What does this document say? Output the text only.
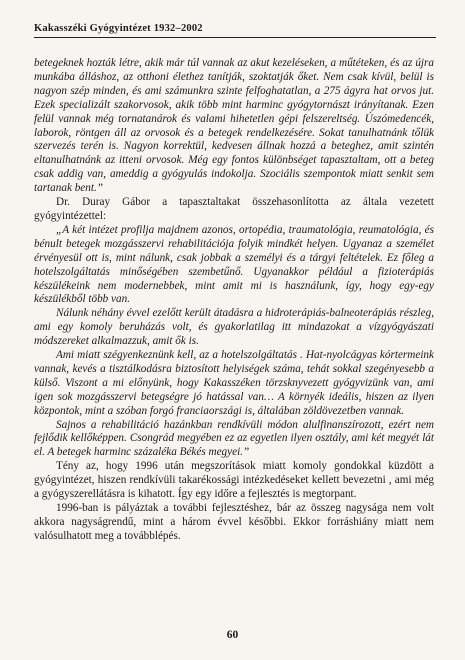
Kakasszéki Gyógyintézet 1932–2002

betegeknek hozták létre, akik már túl vannak az akut kezeléseken, a műtéteken, és az újra munkába álláshoz, az otthoni élethez tanítják, szoktatják őket. Nem csak kívül, belül is nagyon szép minden, és ami számunkra szinte felfoghatatlan, a 275 ágyra hat orvos jut. Ezek specializált szakorvosok, akik több mint harminc gyógytornászt irányítanak. Ezen felül vannak még tornatanárok és valami hihetetlen gépi felszereltség. Úszómedencék, laborok, röntgen áll az orvosok és a betegek rendelkezésére. Sokat tanulhatnánk tőlük szervezés terén is. Nagyon korrektül, kedvesen állnak hozzá a beteghez, amit szintén eltanulhatnánk az itteni orvosok. Még egy fontos különbséget tapasztaltam, ott a beteg csak addig van, ameddig a gyógyulás indokolja. Szociális szempontok miatt senkit sem tartanak bent.”

Dr. Duray Gábor a tapasztaltakat összehasonlította az általa vezetett gyógyintézettel:

„A két intézet profilja majdnem azonos, ortopédia, traumatológia, reumatológia, és bénult betegek mozgásszervi rehabilitációja folyik mindkét helyen. Ugyanaz a személet érvényesül ott is, mint nálunk, csak jobbak a személyi és a tárgyi feltételek. Ez főleg a hotelszolgáltatás minőségében szembetűnő. Ugyanakkor például a fizioterápiás készülékeink nem modernebbek, mint amit mi is használunk, így, hogy egy-egy készülékből több van.

Nálunk néhány évvel ezelőtt került átadásra a hidroterápiás-balneoterápiás részleg, ami egy komoly beruházás volt, és gyakorlatilag itt mindazokat a vízgyógyászati módszereket alkalmazzuk, amit ők is.

Ami miatt szégyenkeznünk kell, az a hotelszolgáltatás . Hat-nyolcágyas kórtermeink vannak, kevés a tisztálkodásra biztosított helyiségek száma, tehát sokkal szegényesebb a külső. Viszont a mi előnyünk, hogy Kakasszéken törzsknyvezett gyógyvizünk van, ami igen sok mozgásszervi betegségre jó hatással van… A környék ideális, hiszen az ilyen központok, mint a szóban forgó franciaországi is, általában zöldövezetben vannak.

Sajnos a rehabilitáció hazánkban rendkívüli módon alulfinanszírozott, ezért nem fejlődik kellőképpen. Csongrád megyében ez az egyetlen ilyen osztály, ami két megyét lát el. A betegek harminc százaléka Békés megyei.”

Tény az, hogy 1996 után megszorítások miatt komoly gondokkal küzdött a gyógyintézet, hiszen rendkívüli takarékossági intézkedéseket kellett bevezetni , ami még a gyógyszerellátásra is kihatott. Így egy időre a fejlesztés is megtorpant.

1996-ban is pályáztak a további fejlesztéshez, bár az összeg nagysága nem volt akkora nagyságrendű, mint a három évvel későbbi. Ekkor forráshiány miatt nem valósulhatott meg a továbblépés.

60
